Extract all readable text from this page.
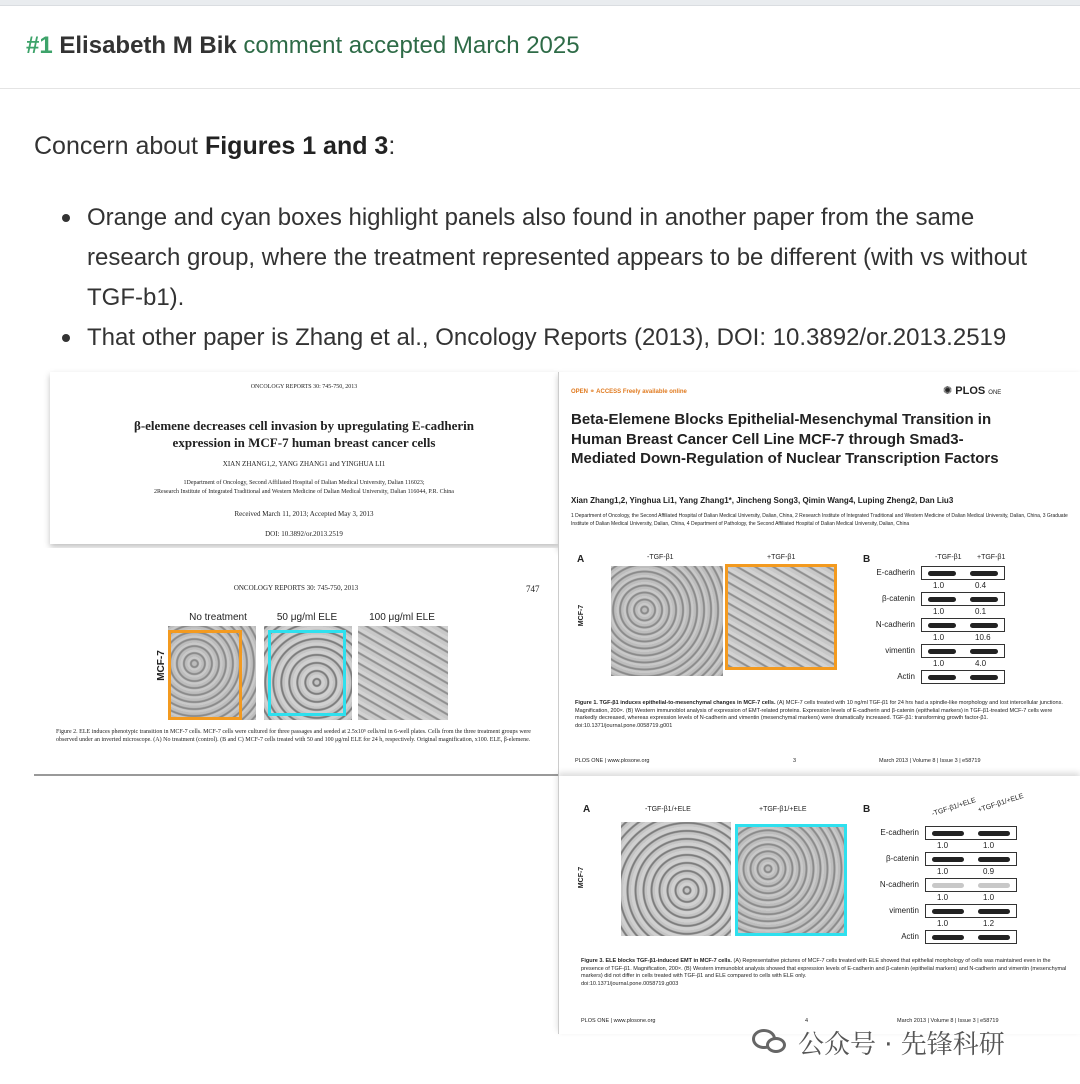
#1 Elisabeth M Bik comment accepted March 2025
Concern about Figures 1 and 3:
Orange and cyan boxes highlight panels also found in another paper from the same research group, where the treatment represented appears to be different (with vs without TGF-b1).
That other paper is Zhang et al., Oncology Reports (2013), DOI: 10.3892/or.2013.2519
ONCOLOGY REPORTS 30: 745-750, 2013
β-elemene decreases cell invasion by upregulating E-cadherin
expression in MCF-7 human breast cancer cells
XIAN ZHANG1,2, YANG ZHANG1 and YINGHUA LI1
1Department of Oncology, Second Affiliated Hospital of Dalian Medical University, Dalian 116023;
2Research Institute of Integrated Traditional and Western Medicine of Dalian Medical University, Dalian 116044, P.R. China
Received March 11, 2013; Accepted May 3, 2013
DOI: 10.3892/or.2013.2519
ONCOLOGY REPORTS 30: 745-750, 2013	747
No treatment	50 μg/ml ELE	100 μg/ml ELE
MCF-7
Figure 2. ELE induces phenotypic transition in MCF-7 cells. MCF-7 cells were cultured for three passages and seeded at 2.5x10⁵ cells/ml in 6-well plates. Cells from the three treatment groups were observed under an inverted microscope. (A) No treatment (control). (B and C) MCF-7 cells treated with 50 and 100 μg/ml ELE for 24 h, respectively. Original magnification, x100. ELE, β-elemene.
OPEN ⚭ ACCESS Freely available online	✺ PLOS ONE
Beta-Elemene Blocks Epithelial-Mesenchymal Transition in Human Breast Cancer Cell Line MCF-7 through Smad3-Mediated Down-Regulation of Nuclear Transcription Factors
Xian Zhang1,2, Yinghua Li1, Yang Zhang1*, Jincheng Song3, Qimin Wang4, Luping Zheng2, Dan Liu3
1 Department of Oncology, the Second Affiliated Hospital of Dalian Medical University, Dalian, China, 2 Research Institute of Integrated Traditional and Western Medicine of Dalian Medical University, Dalian, China, 3 Graduate Institute of Dalian Medical University, Dalian, China, 4 Department of Pathology, the Second Affiliated Hospital of Dalian Medical University, Dalian, China
A	B
-TGF-β1	+TGF-β1
MCF-7
-TGF-β1 +TGF-β1
E-cadherin
1.0	0.4
β-catenin
1.0	0.1
N-cadherin
1.0	10.6
vimentin
1.0	4.0
Actin
Figure 1. TGF-β1 induces epithelial-to-mesenchymal changes in MCF-7 cells. (A) MCF-7 cells treated with 10 ng/ml TGF-β1 for 24 hrs had a spindle-like morphology and lost intercellular junctions. Magnification, 200×. (B) Western immunoblot analysis of expression of EMT-related proteins. Expression levels of E-cadherin and β-catenin (epithelial markers) in TGF-β1-treated MCF-7 cells were markedly decreased, whereas expression levels of N-cadherin and vimentin (mesenchymal markers) were dramatically increased. TGF-β1: transforming growth factor-β1.
doi:10.1371/journal.pone.0058719.g001
PLOS ONE | www.plosone.org	3	March 2013 | Volume 8 | Issue 3 | e58719
A	B
-TGF-β1/+ELE	+TGF-β1/+ELE
MCF-7
-TGF-β1/+ELE +TGF-β1/+ELE
E-cadherin
1.0	1.0
β-catenin
1.0	0.9
N-cadherin
1.0	1.0
vimentin
1.0	1.2
Actin
Figure 3. ELE blocks TGF-β1-induced EMT in MCF-7 cells. (A) Representative pictures of MCF-7 cells treated with ELE showed that epithelial morphology of cells was maintained even in the presence of TGF-β1. Magnification, 200×. (B) Western immunoblot analysis showed that expression levels of E-cadherin and β-catenin (epithelial markers) and N-cadherin and vimentin (mesenchymal markers) did not differ in cells treated with TGF-β1 and ELE compared to cells with ELE only.
doi:10.1371/journal.pone.0058719.g003
PLOS ONE | www.plosone.org	4	March 2013 | Volume 8 | Issue 3 | e58719
公众号 · 先锋科研
